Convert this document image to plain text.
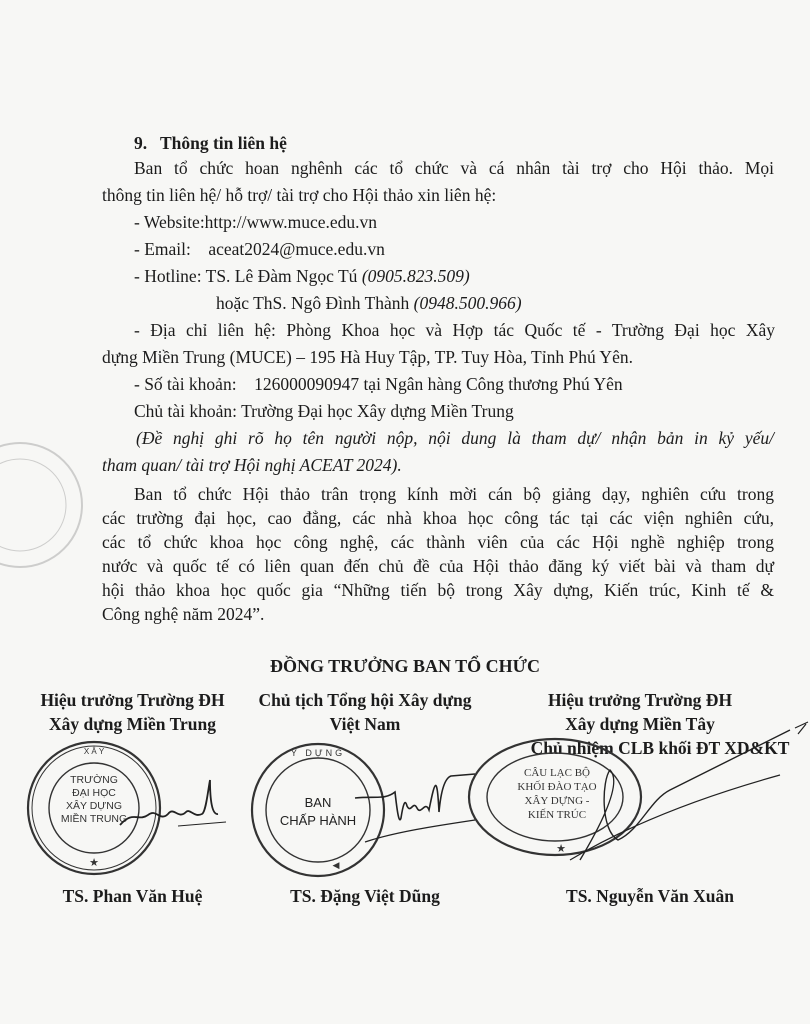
9. Thông tin liên hệ
Ban tổ chức hoan nghênh các tổ chức và cá nhân tài trợ cho Hội thảo. Mọi
thông tin liên hệ/ hỗ trợ/ tài trợ cho Hội thảo xin liên hệ:
- Website:http://www.muce.edu.vn
- Email: aceat2024@muce.edu.vn
- Hotline: TS. Lê Đàm Ngọc Tú (0905.823.509)
hoặc ThS. Ngô Đình Thành (0948.500.966)
- Địa chỉ liên hệ: Phòng Khoa học và Hợp tác Quốc tế - Trường Đại học Xây
dựng Miền Trung (MUCE) – 195 Hà Huy Tập, TP. Tuy Hòa, Tỉnh Phú Yên.
- Số tài khoản: 126000090947 tại Ngân hàng Công thương Phú Yên
Chủ tài khoản: Trường Đại học Xây dựng Miền Trung
(Đề nghị ghi rõ họ tên người nộp, nội dung là tham dự/ nhận bản in kỷ yếu/
tham quan/ tài trợ Hội nghị ACEAT 2024).
Ban tổ chức Hội thảo trân trọng kính mời cán bộ giảng dạy, nghiên cứu trong
các trường đại học, cao đẳng, các nhà khoa học công tác tại các viện nghiên cứu,
các tổ chức khoa học công nghệ, các thành viên của các Hội nghề nghiệp trong
nước và quốc tế có liên quan đến chủ đề của Hội thảo đăng ký viết bài và tham dự
hội thảo khoa học quốc gia “Những tiến bộ trong Xây dựng, Kiến trúc, Kinh tế &
Công nghệ năm 2024”.
ĐỒNG TRƯỞNG BAN TỔ CHỨC
Hiệu trưởng Trường ĐH
Xây dựng Miền Trung
X Â Y
★
TRƯỜNG
ĐẠI HỌC
XÂY DỰNG
MIỀN TRUNG
TS. Phan Văn Huệ
Chủ tịch Tổng hội Xây dựng
Việt Nam
Ỹ DỰNG
BAN
CHẤP HÀNH
◀
TS. Đặng Việt Dũng
Hiệu trưởng Trường ĐH
Xây dựng Miền Tây
Chủ nhiệm CLB khối ĐT XD&KT
CÂU LẠC BỘ
KHỐI ĐÀO TẠO
XÂY DỰNG -
KIẾN TRÚC
★
TS. Nguyễn Văn Xuân
